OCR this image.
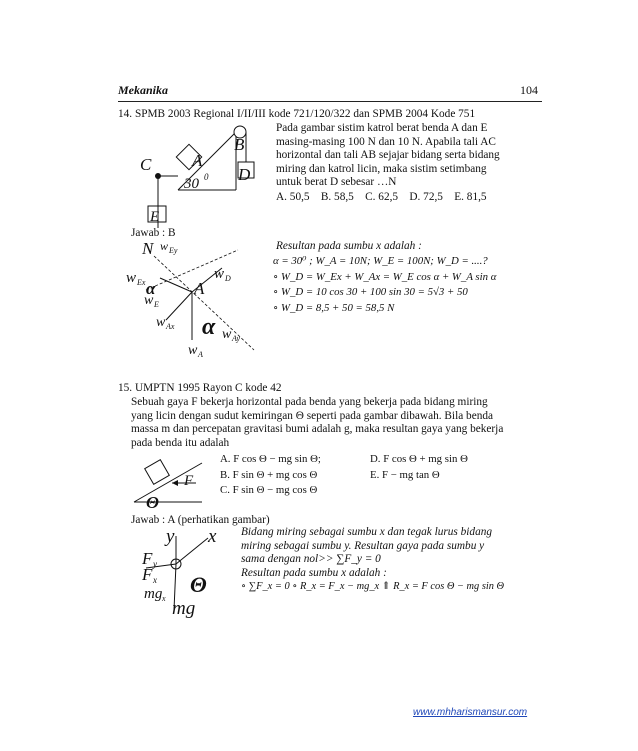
Mekanika	104
14. SPMB 2003 Regional I/II/III kode 721/120/322 dan SPMB 2004 Kode 751
Pada gambar sistim katrol berat benda A dan E
masing-masing 100 N dan 10 N. Apabila tali AC
horizontal dan tali AB sejajar bidang serta bidang
miring dan katrol licin, maka sistim setimbang
untuk berat D sebesar …N
A. 50,5    B. 58,5    C. 62,5    D. 72,5    E. 81,5
C A
B
D
E
30 0
Jawab : B
N w Ey
w D
w Ex α A
w E
w Ax α w Ay
w A
Resultan pada sumbu x adalah :
α = 30⁰ ; W_A = 10N; W_E = 100N; W_D = ....?
∘ W_D = W_Ex + W_Ax = W_E cos α + W_A sin α
∘ W_D = 10 cos 30 + 100 sin 30 = 5√3 + 50
∘ W_D = 8,5 + 50 = 58,5 N
15. UMPTN 1995 Rayon C kode 42
Sebuah gaya F bekerja horizontal pada benda yang bekerja pada bidang miring
yang licin dengan sudut kemiringan Θ seperti pada gambar dibawah. Bila benda
massa m dan percepatan gravitasi bumi adalah g, maka resultan gaya yang bekerja
pada benda itu adalah
A. F cos Θ − mg sin Θ;
B. F sin Θ + mg cos Θ
C. F sin Θ − mg cos Θ
D. F cos Θ + mg sin Θ
E. F − mg tan Θ
F
Θ
Jawab : A (perhatikan gambar)
y x
F y
F x
mg x mg
Θ
Bidang miring sebagai sumbu x dan tegak lurus bidang
miring sebagai sumbu y. Resultan gaya pada sumbu y
sama dengan nol>> ∑F_y = 0
Resultan pada sumbu x adalah :
∘ ∑F_x = 0 ∘ R_x = F_x − mg_x ⇑ R_x = F cos Θ − mg sin Θ
www.mhharismansur.com
